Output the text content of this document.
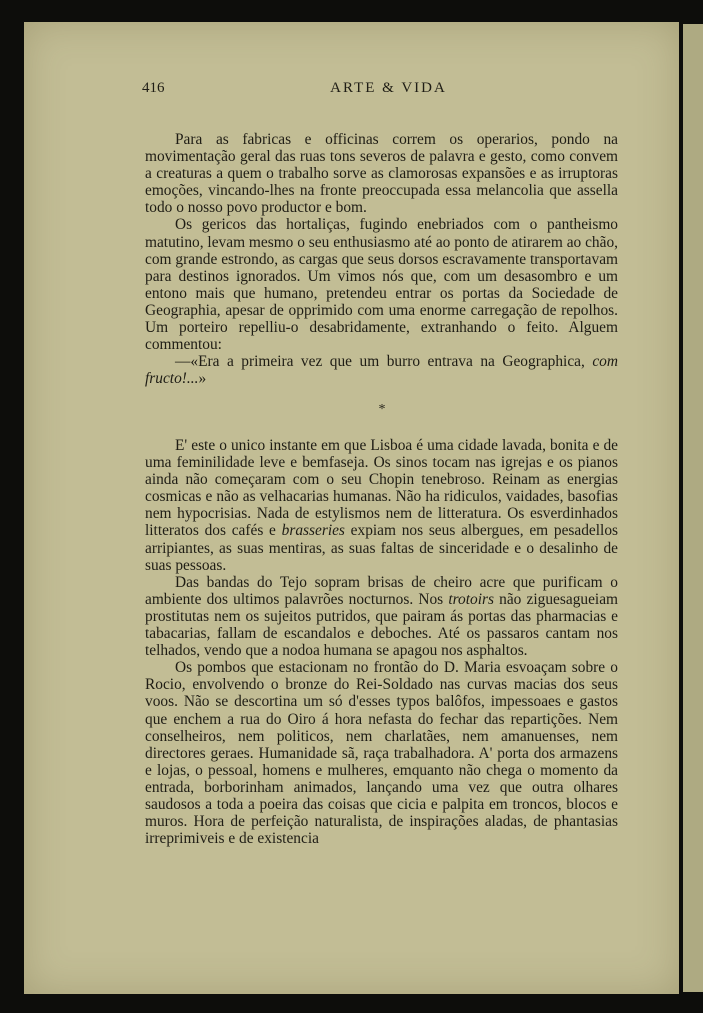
416	ARTE & VIDA

Para as fabricas e officinas correm os operarios, pondo na movimentação geral das ruas tons severos de palavra e gesto, como convem a creaturas a quem o trabalho sorve as clamorosas expansões e as irruptoras emoções, vincando-lhes na fronte preoccupada essa melancolia que assella todo o nosso povo productor e bom.

Os gericos das hortaliças, fugindo enebriados com o pantheismo matutino, levam mesmo o seu enthusiasmo até ao ponto de atirarem ao chão, com grande estrondo, as cargas que seus dorsos escravamente transportavam para destinos ignorados. Um vimos nós que, com um desasombro e um entono mais que humano, pretendeu entrar os portas da Sociedade de Geographia, apesar de opprimido com uma enorme carregação de repolhos. Um porteiro repelliu-o desabridamente, extranhando o feito. Alguem commentou:

—«Era a primeira vez que um burro entrava na Geographica, com fructo!...»

*

E' este o unico instante em que Lisboa é uma cidade lavada, bonita e de uma feminilidade leve e bemfaseja. Os sinos tocam nas igrejas e os pianos ainda não começaram com o seu Chopin tenebroso. Reinam as energias cosmicas e não as velhacarias humanas. Não ha ridiculos, vaidades, basofias nem hypocrisias. Nada de estylismos nem de litteratura. Os esverdinhados litteratos dos cafés e brasseries expiam nos seus albergues, em pesadellos arripiantes, as suas mentiras, as suas faltas de sinceridade e o desalinho de suas pessoas.

Das bandas do Tejo sopram brisas de cheiro acre que purificam o ambiente dos ultimos palavrões nocturnos. Nos trotoirs não ziguesagueiam prostitutas nem os sujeitos putridos, que pairam ás portas das pharmacias e tabacarias, fallam de escandalos e deboches. Até os passaros cantam nos telhados, vendo que a nodoa humana se apagou nos asphaltos.

Os pombos que estacionam no frontão do D. Maria esvoaçam sobre o Rocio, envolvendo o bronze do Rei-Soldado nas curvas macias dos seus voos. Não se descortina um só d'esses typos balôfos, impessoaes e gastos que enchem a rua do Oiro á hora nefasta do fechar das repartições. Nem conselheiros, nem politicos, nem charlatães, nem amanuenses, nem directores geraes. Humanidade sã, raça trabalhadora. A' porta dos armazens e lojas, o pessoal, homens e mulheres, emquanto não chega o momento da entrada, borborinham animados, lançando uma vez que outra olhares saudosos a toda a poeira das coisas que cicia e palpita em troncos, blocos e muros. Hora de perfeição naturalista, de inspirações aladas, de phantasias irreprimiveis e de existencia
